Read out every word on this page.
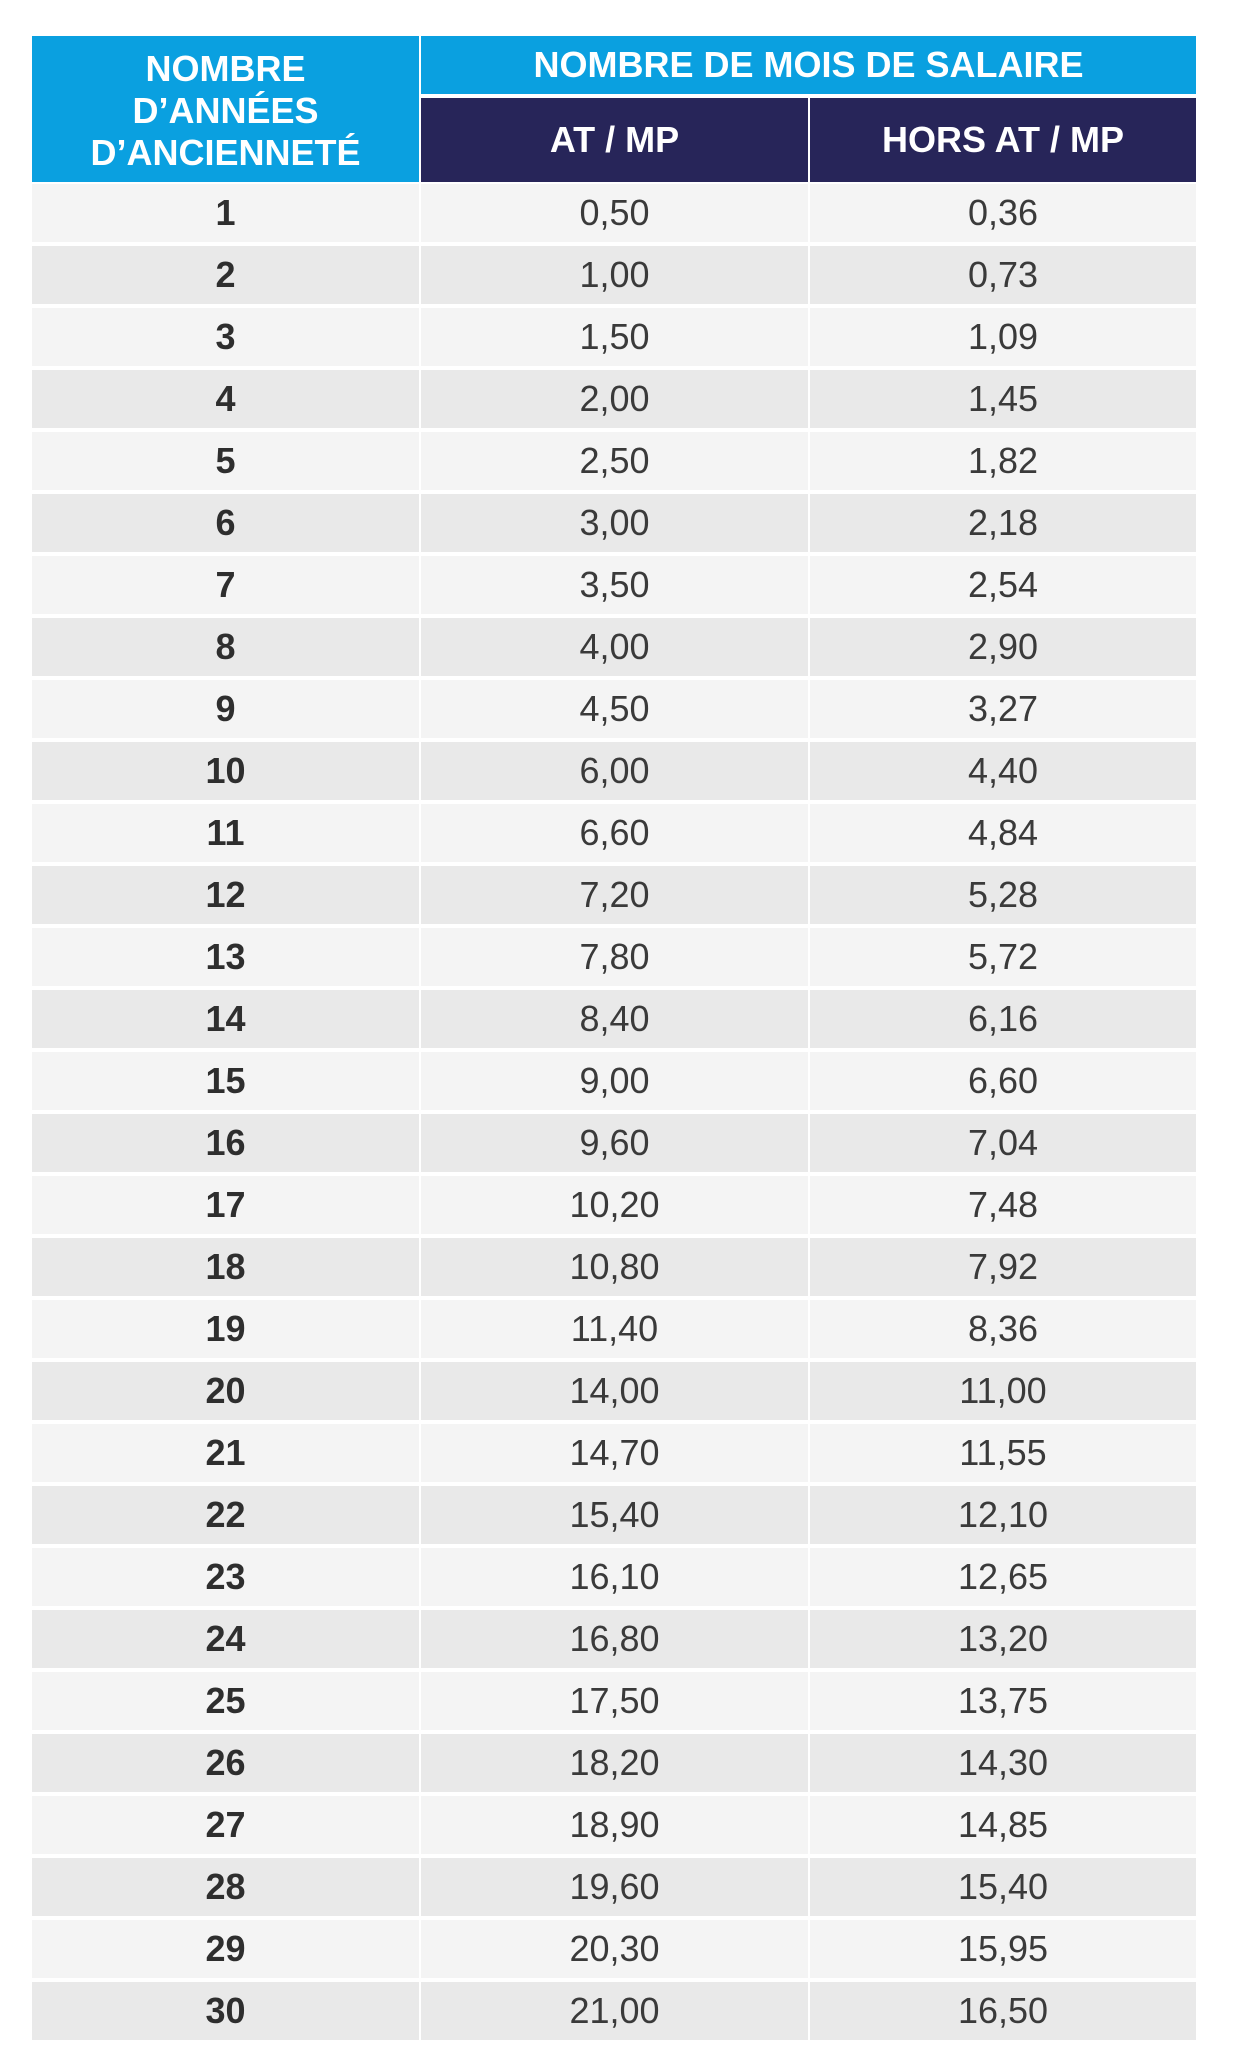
NOMBRE
D’ANNÉES
D’ANCIENNETÉ
NOMBRE DE MOIS DE SALAIRE
AT / MP	HORS AT / MP
1	0,50	0,36
2	1,00	0,73
3	1,50	1,09
4	2,00	1,45
5	2,50	1,82
6	3,00	2,18
7	3,50	2,54
8	4,00	2,90
9	4,50	3,27
10	6,00	4,40
11	6,60	4,84
12	7,20	5,28
13	7,80	5,72
14	8,40	6,16
15	9,00	6,60
16	9,60	7,04
17	10,20	7,48
18	10,80	7,92
19	11,40	8,36
20	14,00	11,00
21	14,70	11,55
22	15,40	12,10
23	16,10	12,65
24	16,80	13,20
25	17,50	13,75
26	18,20	14,30
27	18,90	14,85
28	19,60	15,40
29	20,30	15,95
30	21,00	16,50
